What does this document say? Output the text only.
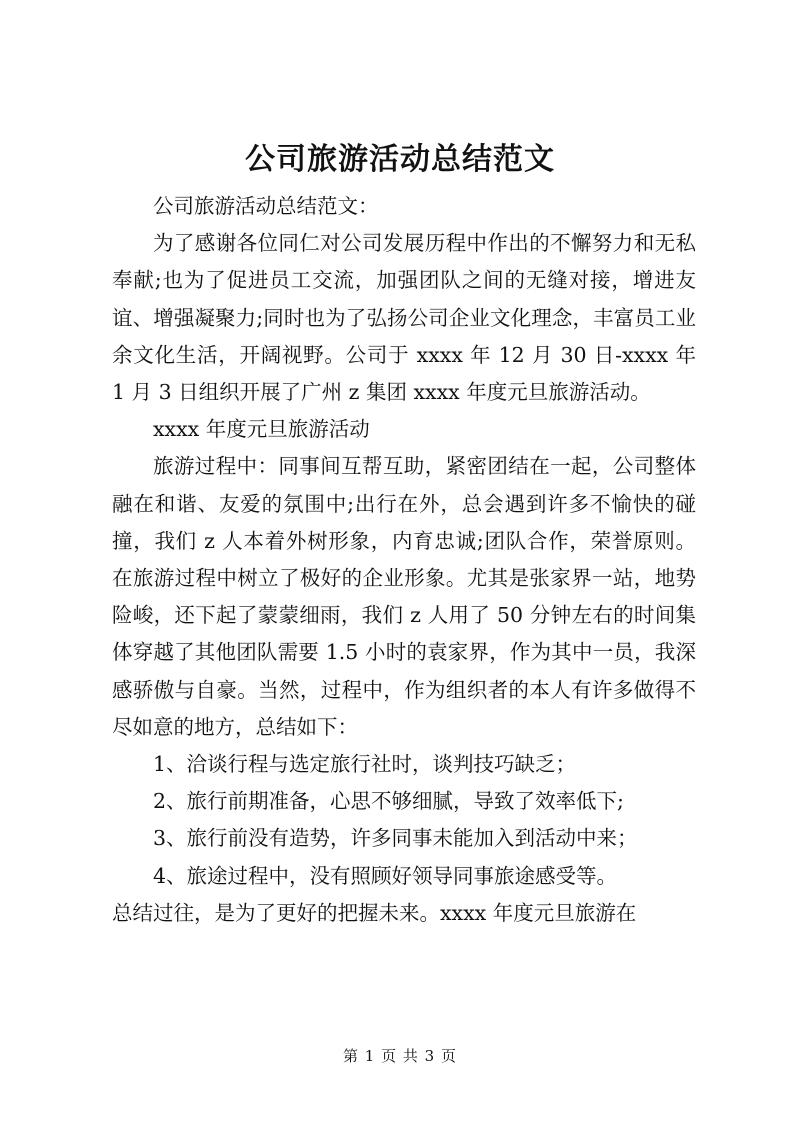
公司旅游活动总结范文

公司旅游活动总结范文：

为了感谢各位同仁对公司发展历程中作出的不懈努力和无私奉献;也为了促进员工交流，加强团队之间的无缝对接，增进友谊、增强凝聚力;同时也为了弘扬公司企业文化理念，丰富员工业余文化生活，开阔视野。公司于 xxxx 年 12 月 30 日-xxxx 年 1 月 3 日组织开展了广州 z 集团 xxxx 年度元旦旅游活动。

xxxx 年度元旦旅游活动

旅游过程中：同事间互帮互助，紧密团结在一起，公司整体融在和谐、友爱的氛围中;出行在外，总会遇到许多不愉快的碰撞，我们 z 人本着外树形象，内育忠诚;团队合作，荣誉原则。在旅游过程中树立了极好的企业形象。尤其是张家界一站，地势险峻，还下起了蒙蒙细雨，我们 z 人用了 50 分钟左右的时间集体穿越了其他团队需要 1.5 小时的袁家界，作为其中一员，我深感骄傲与自豪。当然，过程中，作为组织者的本人有许多做得不尽如意的地方，总结如下：

1、洽谈行程与选定旅行社时，谈判技巧缺乏；

2、旅行前期准备，心思不够细腻，导致了效率低下;

3、旅行前没有造势，许多同事未能加入到活动中来；

4、旅途过程中，没有照顾好领导同事旅途感受等。

总结过往，是为了更好的把握未来。xxxx 年度元旦旅游在

第 1 页 共 3 页
